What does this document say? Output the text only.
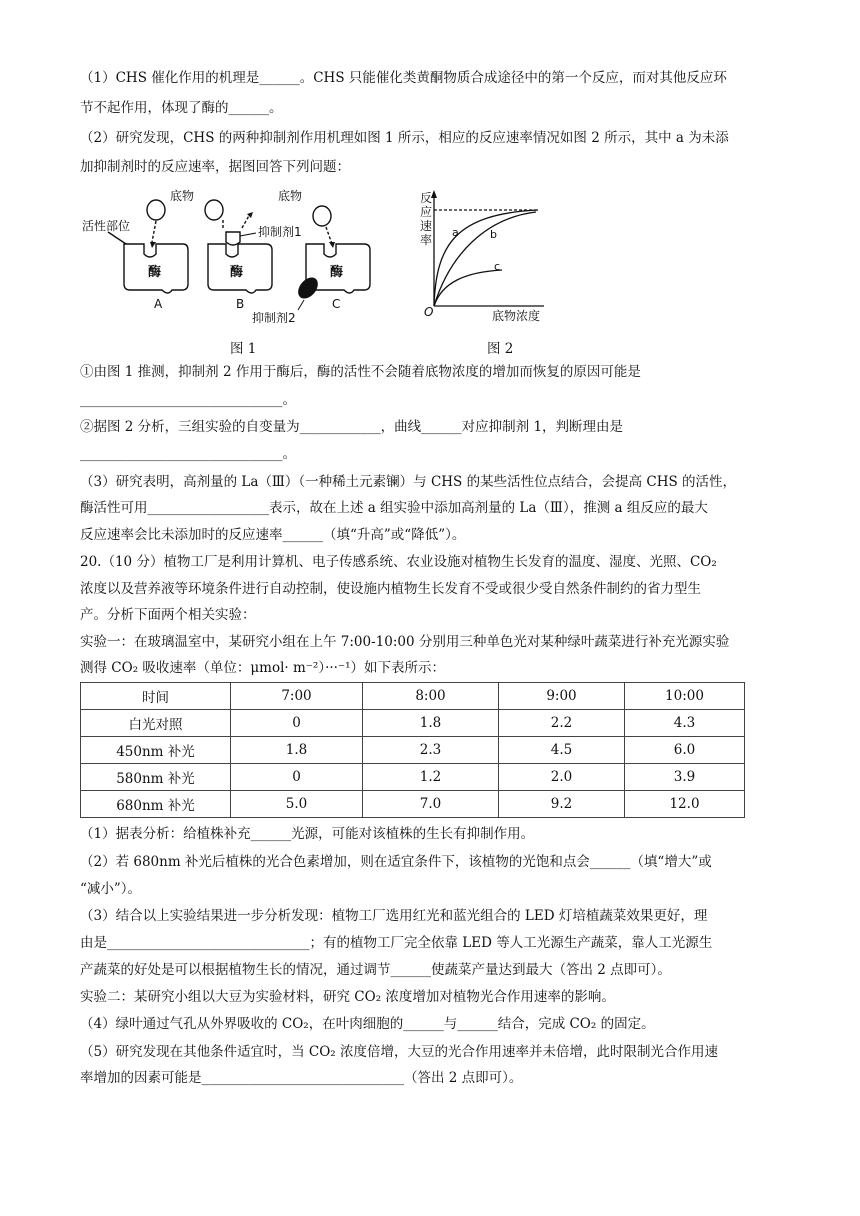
（1）CHS 催化作用的机理是______。CHS 只能催化类黄酮物质合成途径中的第一个反应，而对其他反应环
节不起作用，体现了酶的______。
（2）研究发现，CHS 的两种抑制剂作用机理如图 1 所示，相应的反应速率情况如图 2 所示，其中 a 为未添
加抑制剂时的反应速率，据图回答下列问题：
底物	底物
活性部位	抑制剂1
抑制剂2
酶	酶	酶
A	B	C
图 1
反
应
速
率
O	底物浓度
a	b
c
图 2
①由图 1 推测，抑制剂 2 作用于酶后，酶的活性不会随着底物浓度的增加而恢复的原因可能是
______________________________。
②据图 2 分析，三组实验的自变量为____________，曲线______对应抑制剂 1，判断理由是
______________________________。
（3）研究表明，高剂量的 La（Ⅲ）（一种稀土元素镧）与 CHS 的某些活性位点结合，会提高 CHS 的活性，
酶活性可用__________________表示，故在上述 a 组实验中添加高剂量的 La（Ⅲ），推测 a 组反应的最大
反应速率会比未添加时的反应速率______（填“升高”或“降低”）。
20.（10 分）植物工厂是利用计算机、电子传感系统、农业设施对植物生长发育的温度、湿度、光照、CO₂
浓度以及营养液等环境条件进行自动控制，使设施内植物生长发育不受或很少受自然条件制约的省力型生
产。分析下面两个相关实验：
实验一：在玻璃温室中，某研究小组在上午 7:00-10:00 分别用三种单色光对某种绿叶蔬菜进行补充光源实验
测得 CO₂ 吸收速率（单位：μmol· m⁻²）···⁻¹）如下表所示：
时间	7:00	8:00	9:00	10:00
白光对照	0	1.8	2.2	4.3
450nm 补光	1.8	2.3	4.5	6.0
580nm 补光	0	1.2	2.0	3.9
680nm 补光	5.0	7.0	9.2	12.0
（1）据表分析：给植株补充______光源，可能对该植株的生长有抑制作用。
（2）若 680nm 补光后植株的光合色素增加，则在适宜条件下，该植物的光饱和点会______（填“增大”或
“减小”）。
（3）结合以上实验结果进一步分析发现：植物工厂选用红光和蓝光组合的 LED 灯培植蔬菜效果更好，理
由是______________________________；有的植物工厂完全依靠 LED 等人工光源生产蔬菜，靠人工光源生
产蔬菜的好处是可以根据植物生长的情况，通过调节______使蔬菜产量达到最大（答出 2 点即可）。
实验二：某研究小组以大豆为实验材料，研究 CO₂ 浓度增加对植物光合作用速率的影响。
（4）绿叶通过气孔从外界吸收的 CO₂，在叶肉细胞的______与______结合，完成 CO₂ 的固定。
（5）研究发现在其他条件适宜时，当 CO₂ 浓度倍增，大豆的光合作用速率并未倍增，此时限制光合作用速
率增加的因素可能是______________________________（答出 2 点即可）。
